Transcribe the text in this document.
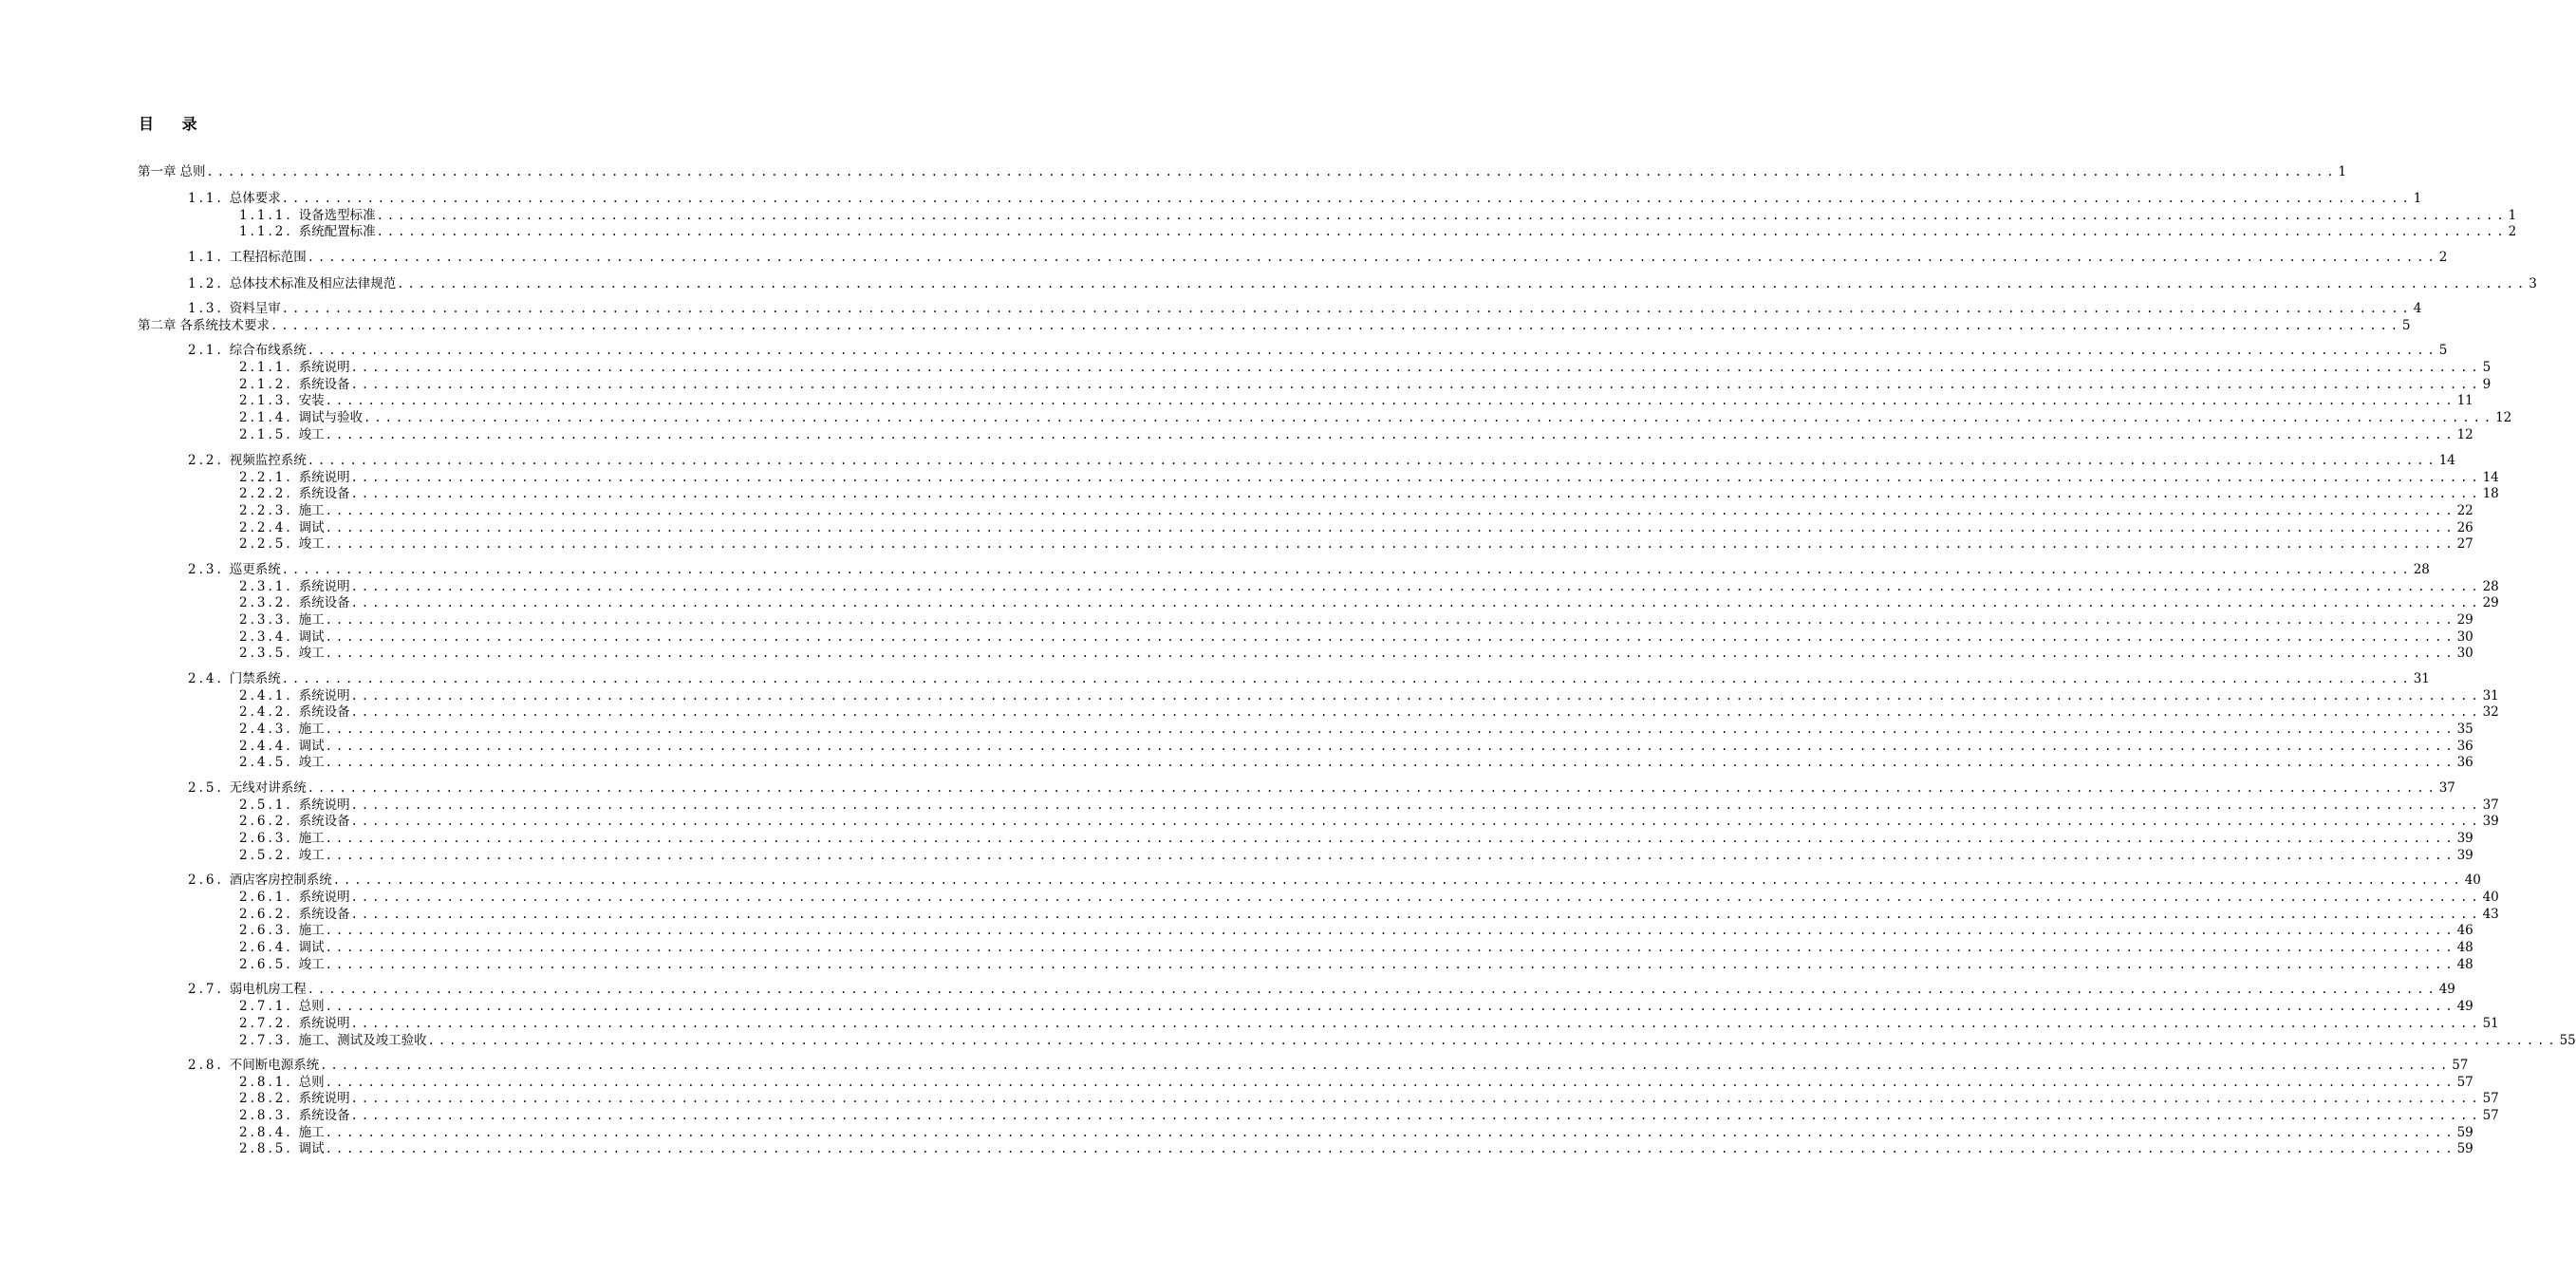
目 录
第一章 总则 ........................................................................................................................................................................................................ 1
1.1. 总体要求 ........................................................................................................................................................................................................ 1
1.1.1. 设备选型标准 ........................................................................................................................................................................................................ 1
1.1.2. 系统配置标准 ........................................................................................................................................................................................................ 2
1.1. 工程招标范围 ........................................................................................................................................................................................................ 2
1.2. 总体技术标准及相应法律规范 ........................................................................................................................................................................................................ 3
1.3. 资料呈审 ........................................................................................................................................................................................................ 4
第二章 各系统技术要求 ........................................................................................................................................................................................................ 5
2.1. 综合布线系统 ........................................................................................................................................................................................................ 5
2.1.1. 系统说明 ........................................................................................................................................................................................................ 5
2.1.2. 系统设备 ........................................................................................................................................................................................................ 9
2.1.3. 安装 ........................................................................................................................................................................................................ 11
2.1.4. 调试与验收 ........................................................................................................................................................................................................ 12
2.1.5. 竣工 ........................................................................................................................................................................................................ 12
2.2. 视频监控系统 ........................................................................................................................................................................................................ 14
2.2.1. 系统说明 ........................................................................................................................................................................................................ 14
2.2.2. 系统设备 ........................................................................................................................................................................................................ 18
2.2.3. 施工 ........................................................................................................................................................................................................ 22
2.2.4. 调试 ........................................................................................................................................................................................................ 26
2.2.5. 竣工 ........................................................................................................................................................................................................ 27
2.3. 巡更系统 ........................................................................................................................................................................................................ 28
2.3.1. 系统说明 ........................................................................................................................................................................................................ 28
2.3.2. 系统设备 ........................................................................................................................................................................................................ 29
2.3.3. 施工 ........................................................................................................................................................................................................ 29
2.3.4. 调试 ........................................................................................................................................................................................................ 30
2.3.5. 竣工 ........................................................................................................................................................................................................ 30
2.4. 门禁系统 ........................................................................................................................................................................................................ 31
2.4.1. 系统说明 ........................................................................................................................................................................................................ 31
2.4.2. 系统设备 ........................................................................................................................................................................................................ 32
2.4.3. 施工 ........................................................................................................................................................................................................ 35
2.4.4. 调试 ........................................................................................................................................................................................................ 36
2.4.5. 竣工 ........................................................................................................................................................................................................ 36
2.5. 无线对讲系统 ........................................................................................................................................................................................................ 37
2.5.1. 系统说明 ........................................................................................................................................................................................................ 37
2.6.2. 系统设备 ........................................................................................................................................................................................................ 39
2.6.3. 施工 ........................................................................................................................................................................................................ 39
2.5.2. 竣工 ........................................................................................................................................................................................................ 39
2.6. 酒店客房控制系统 ........................................................................................................................................................................................................ 40
2.6.1. 系统说明 ........................................................................................................................................................................................................ 40
2.6.2. 系统设备 ........................................................................................................................................................................................................ 43
2.6.3. 施工 ........................................................................................................................................................................................................ 46
2.6.4. 调试 ........................................................................................................................................................................................................ 48
2.6.5. 竣工 ........................................................................................................................................................................................................ 48
2.7. 弱电机房工程 ........................................................................................................................................................................................................ 49
2.7.1. 总则 ........................................................................................................................................................................................................ 49
2.7.2. 系统说明 ........................................................................................................................................................................................................ 51
2.7.3. 施工、测试及竣工验收 ........................................................................................................................................................................................................ 55
2.8. 不间断电源系统 ........................................................................................................................................................................................................ 57
2.8.1. 总则 ........................................................................................................................................................................................................ 57
2.8.2. 系统说明 ........................................................................................................................................................................................................ 57
2.8.3. 系统设备 ........................................................................................................................................................................................................ 57
2.8.4. 施工 ........................................................................................................................................................................................................ 59
2.8.5. 调试 ........................................................................................................................................................................................................ 59
